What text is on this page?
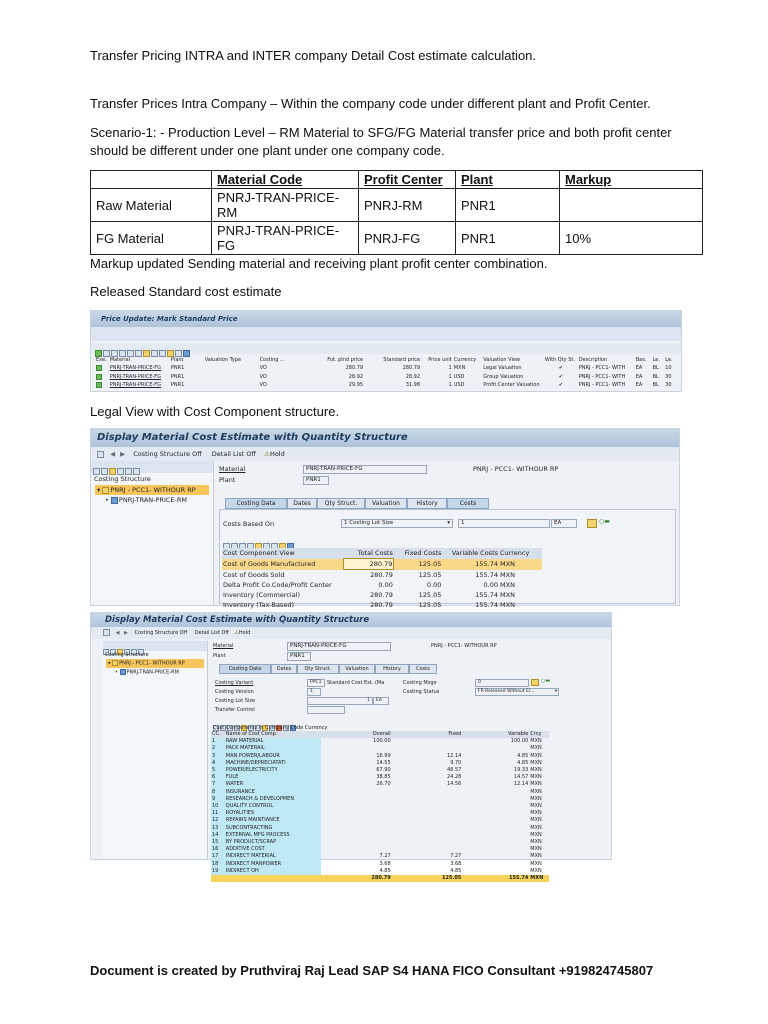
Transfer Pricing INTRA and INTER company Detail Cost estimate calculation.
Transfer Prices Intra Company – Within the company code under different plant and Profit Center.
Scenario-1: - Production Level – RM Material to SFG/FG Material transfer price and both profit center
should be different under one plant under one company code.
	Material Code	Profit Center	Plant	Markup
Raw Material	PNRJ-TRAN-PRICE-RM	PNRJ-RM	PNR1	
FG Material	PNRJ-TRAN-PRICE-FG	PNRJ-FG	PNR1	10%
Markup updated Sending material and receiving plant profit center combination.
Released Standard cost estimate
Price Update: Mark Standard Price
Exe.	Material	Plant	Valuation Type	Costing ...	Fut. plnd price	Standard price	Price unit	Currency	Valuation View	With Qty St.	Description	Bas.	Le.	Le.
	PNRJ-TRAN-PRICE-FG	PNR1		VO	280.79	280.79	1	MXN	Legal Valuation	✔	PNRJ - PCC1- WITH	EA	BL	10
	PNRJ-TRAN-PRICE-FG	PNR1		VO	28.92	28.92	1	USD	Group Valuation	✔	PNRJ - PCC1- WITH	EA	BL	30
	PNRJ-TRAN-PRICE-FG	PNR1		VO	29.95	31.98	1	USD	Profit Center Valuation	✔	PNRJ - PCC1- WITH	EA	BL	30
Legal View with Cost Component structure.
Display Material Cost Estimate with Quantity Structure
◀ ▶ Costing Structure Off Detail List Off ⚠Hold
Costing Structure
▾ PNRJ - PCC1- WITHOUR RP
• PNRJ-TRAN-PRICE-RM
Material	PNRJ-TRAN-PRICE-FG	PNRJ - PCC1- WITHOUR RP
Plant	PNR1
Costing Data	Dates	Qty Struct.	Valuation	History	Costs
Costs Based On	1 Costing Lot Size	▾	1	EA	○▬
Cost Component View	Total Costs	Fixed Costs	Variable Costs	Currency
Cost of Goods Manufactured	280.79	125.05	155.74	MXN
Cost of Goods Sold	280.79	125.05	155.74	MXN
Delta Profit Co.Code/Profit Center	0.00	0.00	0.00	MXN
Inventory (Commercial)	280.79	125.05	155.74	MXN
Inventory (Tax-Based)	280.79	125.05	155.74	MXN
Display Material Cost Estimate with Quantity Structure
◀ ▶ Costing Structure Off Detail List Off ⚠Hold
Costing Structure
▾ PNRJ - PCC1- WITHOUR RP
• PNRJ-TRAN-PRICE-RM
Material	PNRJ-TRAN-PRICE-FG	PNRJ - PCC1- WITHOUR RP
Plant	PNR1
Costing Data	Dates	Qty Struct.	Valuation	History	Costs
Costing Variant	PPC1	Standard Cost Est. (Ma	Costing Msge	0	○▬
Costing Version	1	Costing Status	FR Released Without Er...	▾
Costing Lot Size	1	EA
Transfer Control
Cost Components in Company Code Currency
CC.	Name of Cost Comp.	Overall	Fixed	Variable	Crcy
1	RAW MATERIAL	100.00		100.00	MXN
2	PACK MATERAIL				MXN
3	MAN POWER/LABOUR	16.99	12.14	4.85	MXN
4	MACHINE/DEPRECIATATI	14.55	9.70	4.85	MXN
5	POWER/ELECTRICITY	67.90	48.57	19.33	MXN
6	FULE	38.85	24.28	14.57	MXN
7	WATER	26.70	14.56	12.14	MXN
8	INSURANCE				MXN
9	RESEARCH & DEVELOPMEN				MXN
10	QUALITY CONTROL				MXN
11	ROYALITIES				MXN
12	REPAIRS MAINTIANCE				MXN
13	SUBCONTRACTING				MXN
14	EXTERNAL MFG PROCESS				MXN
15	BY PRODUCT/SCRAP				MXN
16	ADDITIVE COST				MXN
17	INDIRECT MATERIAL	7.27	7.27		MXN
18	INDIRECT MANPOWER	3.68	3.68		MXN
19	INDIRECT OH	4.85	4.85		MXN
		280.79	125.05	155.74	MXN
Document is created by Pruthviraj Raj Lead SAP S4 HANA FICO Consultant +919824745807
